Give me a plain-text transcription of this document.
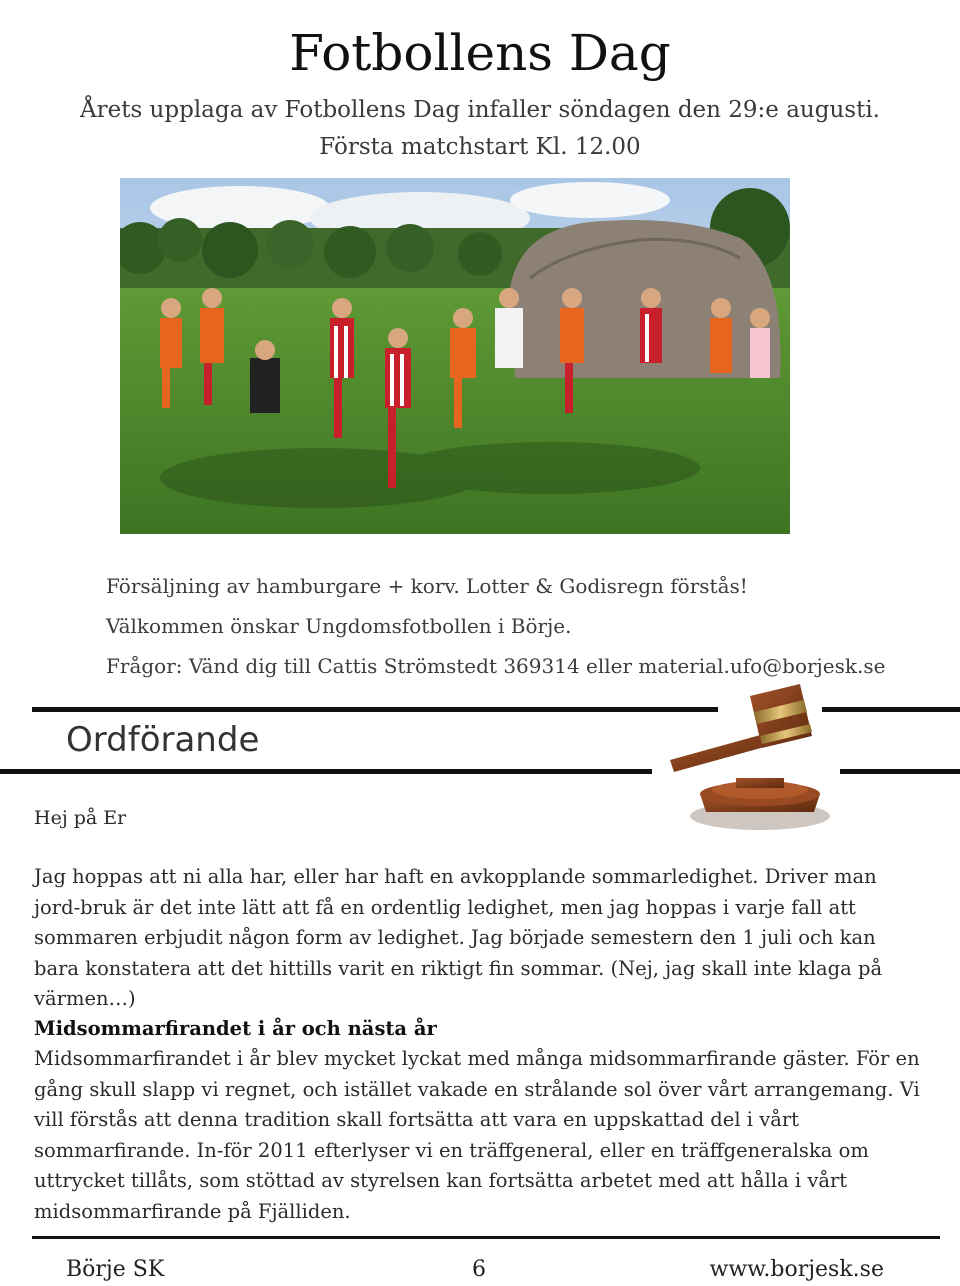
Fotbollens Dag
Årets upplaga av Fotbollens Dag infaller söndagen den 29:e augusti.
Första matchstart Kl. 12.00
Försäljning av hamburgare + korv. Lotter & Godisregn förstås!
Välkommen önskar Ungdomsfotbollen i Börje.
Frågor: Vänd dig till Cattis Strömstedt 369314 eller material.ufo@borjesk.se
Ordförande
Hej på Er

Jag hoppas att ni alla har, eller har haft en avkopplande sommarledighet. Driver man jord-bruk är det inte lätt att få en ordentlig ledighet, men jag hoppas i varje fall att sommaren erbjudit någon form av ledighet. Jag började semestern den 1 juli och kan bara konstatera att det hittills varit en riktigt fin sommar. (Nej, jag skall inte klaga på värmen…)

Midsommarfirandet i år och nästa år

Midsommarfirandet i år blev mycket lyckat med många midsommarfirande gäster. För en gång skull slapp vi regnet, och istället vakade en strålande sol över vårt arrangemang. Vi vill förstås att denna tradition skall fortsätta att vara en uppskattad del i vårt sommarfirande. In-för 2011 efterlyser vi en träffgeneral, eller en träffgeneralska om uttrycket tillåts, som stöttad av styrelsen kan fortsätta arbetet med att hålla i vårt midsommarfirande på Fjälliden.

Börje SK	6	www.borjesk.se
